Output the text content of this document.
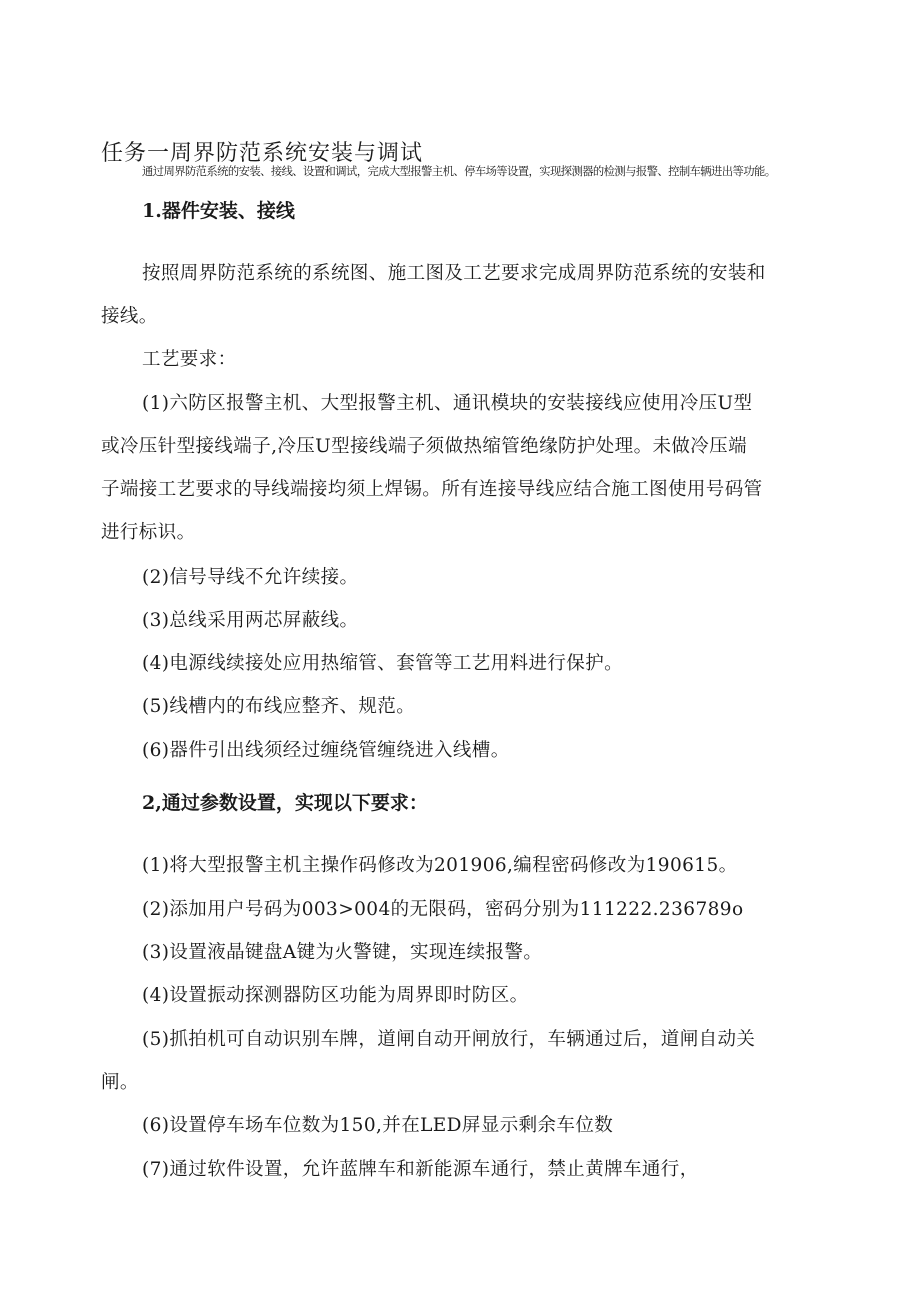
任务一周界防范系统安装与调试
通过周界防范系统的安装、接线、设置和调试，完成大型报警主机、停车场等设置，实现探测器的检测与报警、控制车辆进出等功能。
1.器件安装、接线
按照周界防范系统的系统图、施工图及工艺要求完成周界防范系统的安装和
接线。
工艺要求：
(1)六防区报警主机、大型报警主机、通讯模块的安装接线应使用冷压U型
或冷压针型接线端子,冷压U型接线端子须做热缩管绝缘防护处理。未做冷压端
子端接工艺要求的导线端接均须上焊锡。所有连接导线应结合施工图使用号码管
进行标识。
(2)信号导线不允许续接。
(3)总线采用两芯屏蔽线。
(4)电源线续接处应用热缩管、套管等工艺用料进行保护。
(5)线槽内的布线应整齐、规范。
(6)器件引出线须经过缠绕管缠绕进入线槽。
2,通过参数设置，实现以下要求：
(1)将大型报警主机主操作码修改为201906,编程密码修改为190615。
(2)添加用户号码为003>004的无限码，密码分别为111222.236789o
(3)设置液晶键盘A键为火警键，实现连续报警。
(4)设置振动探测器防区功能为周界即时防区。
(5)抓拍机可自动识别车牌，道闸自动开闸放行，车辆通过后，道闸自动关
闸。
(6)设置停车场车位数为150,并在LED屏显示剩余车位数
(7)通过软件设置，允许蓝牌车和新能源车通行，禁止黄牌车通行，
